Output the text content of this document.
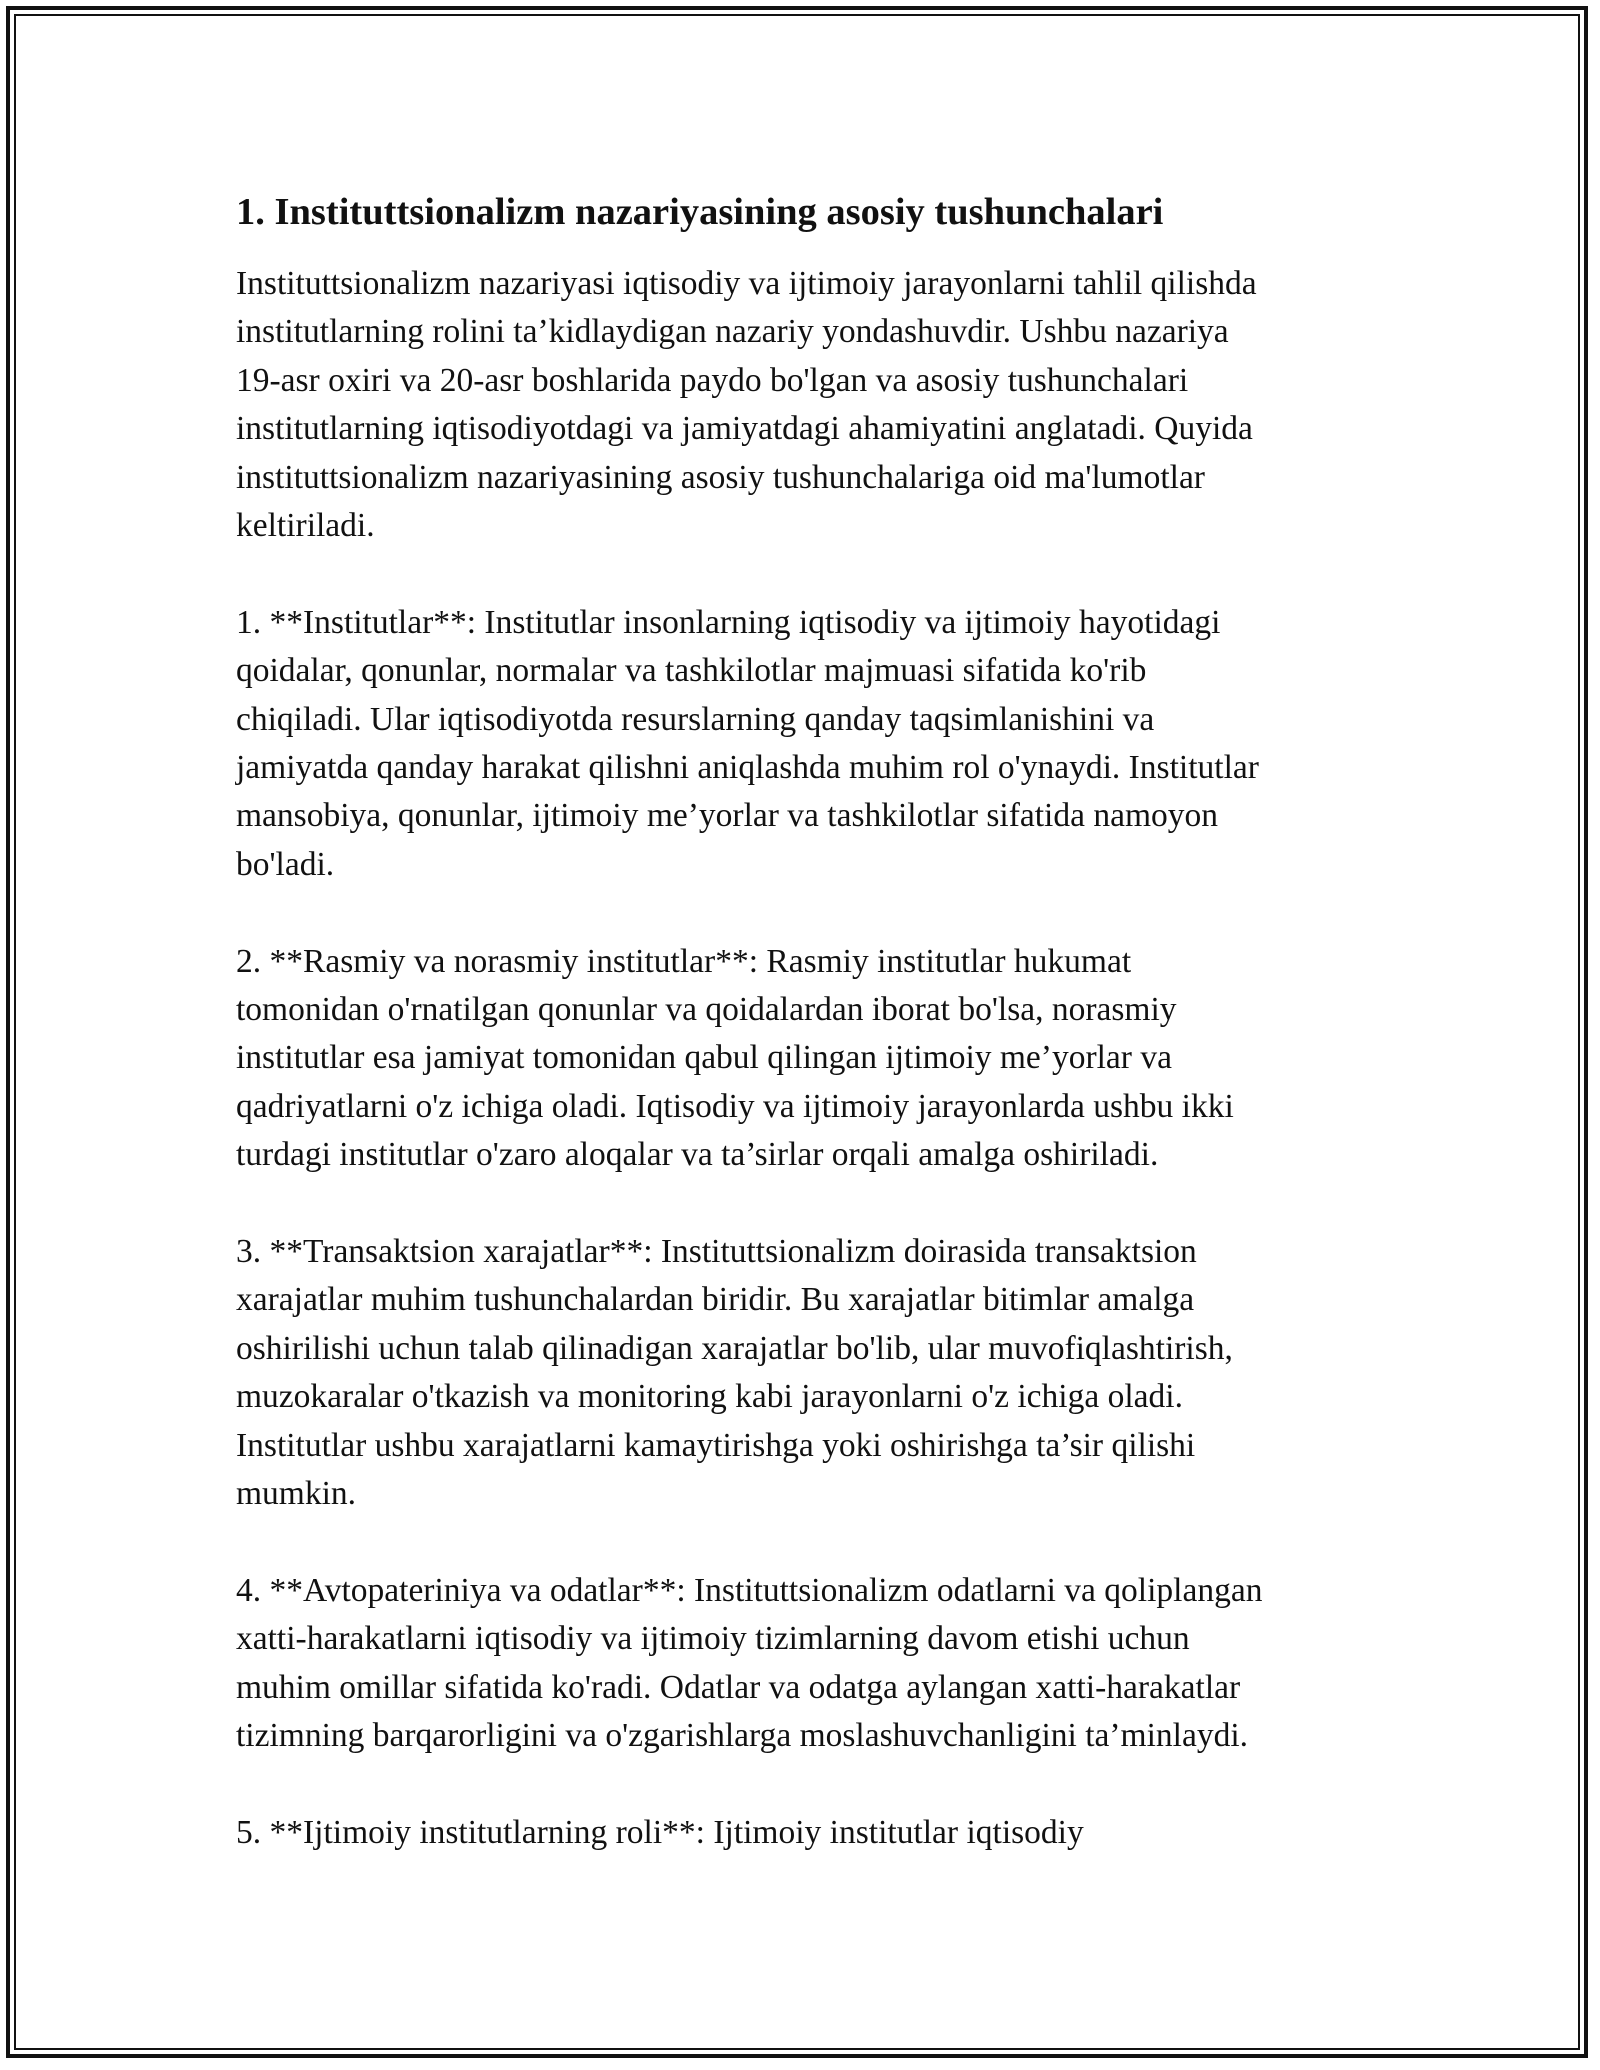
1. Instituttsionalizm nazariyasining asosiy tushunchalari
Instituttsionalizm nazariyasi iqtisodiy va ijtimoiy jarayonlarni tahlil qilishda
institutlarning rolini ta’kidlaydigan nazariy yondashuvdir. Ushbu nazariya
19-asr oxiri va 20-asr boshlarida paydo bo'lgan va asosiy tushunchalari
institutlarning iqtisodiyotdagi va jamiyatdagi ahamiyatini anglatadi. Quyida
instituttsionalizm nazariyasining asosiy tushunchalariga oid ma'lumotlar
keltiriladi.
1. **Institutlar**: Institutlar insonlarning iqtisodiy va ijtimoiy hayotidagi
qoidalar, qonunlar, normalar va tashkilotlar majmuasi sifatida ko'rib
chiqiladi. Ular iqtisodiyotda resurslarning qanday taqsimlanishini va
jamiyatda qanday harakat qilishni aniqlashda muhim rol o'ynaydi. Institutlar
mansobiya, qonunlar, ijtimoiy me’yorlar va tashkilotlar sifatida namoyon
bo'ladi.
2. **Rasmiy va norasmiy institutlar**: Rasmiy institutlar hukumat
tomonidan o'rnatilgan qonunlar va qoidalardan iborat bo'lsa, norasmiy
institutlar esa jamiyat tomonidan qabul qilingan ijtimoiy me’yorlar va
qadriyatlarni o'z ichiga oladi. Iqtisodiy va ijtimoiy jarayonlarda ushbu ikki
turdagi institutlar o'zaro aloqalar va ta’sirlar orqali amalga oshiriladi.
3. **Transaktsion xarajatlar**: Instituttsionalizm doirasida transaktsion
xarajatlar muhim tushunchalardan biridir. Bu xarajatlar bitimlar amalga
oshirilishi uchun talab qilinadigan xarajatlar bo'lib, ular muvofiqlashtirish,
muzokaralar o'tkazish va monitoring kabi jarayonlarni o'z ichiga oladi.
Institutlar ushbu xarajatlarni kamaytirishga yoki oshirishga ta’sir qilishi
mumkin.
4. **Avtopateriniya va odatlar**: Instituttsionalizm odatlarni va qoliplangan
xatti-harakatlarni iqtisodiy va ijtimoiy tizimlarning davom etishi uchun
muhim omillar sifatida ko'radi. Odatlar va odatga aylangan xatti-harakatlar
tizimning barqarorligini va o'zgarishlarga moslashuvchanligini ta’minlaydi.
5. **Ijtimoiy institutlarning roli**: Ijtimoiy institutlar iqtisodiy
